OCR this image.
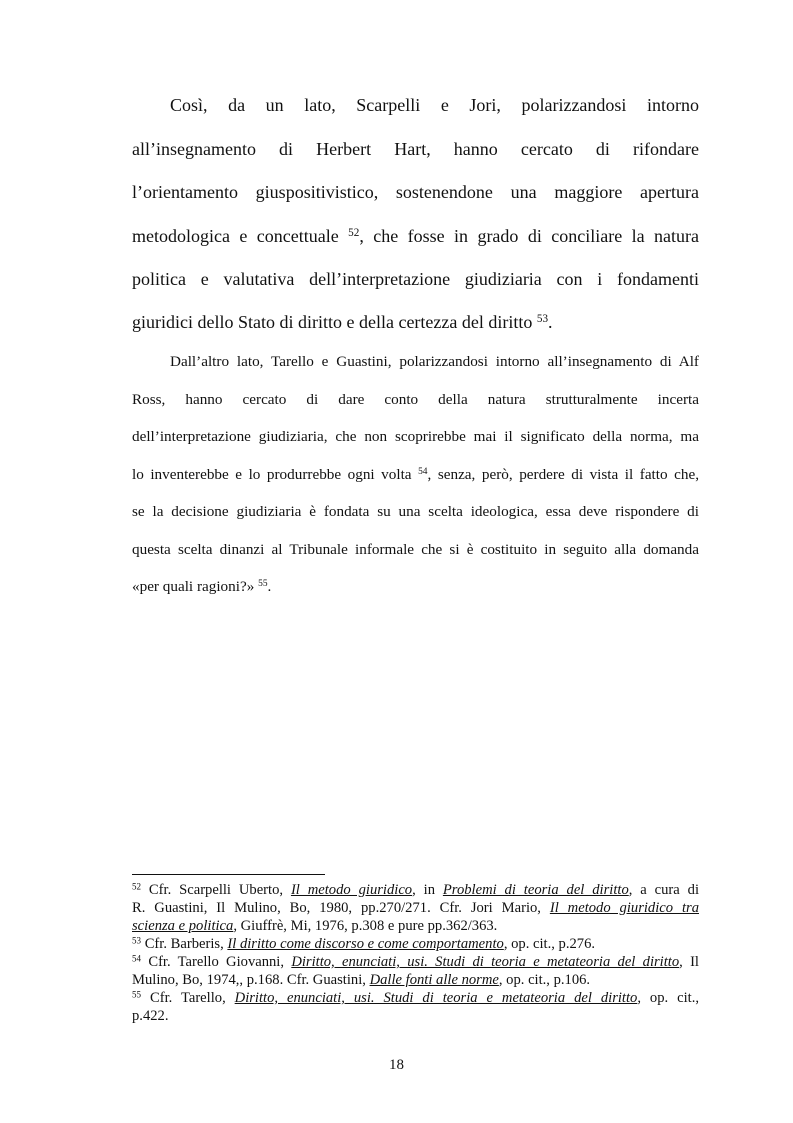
Così, da un lato, Scarpelli e Jori, polarizzandosi intorno
all’insegnamento di Herbert Hart, hanno cercato di rifondare
l’orientamento giuspositivistico, sostenendone una maggiore apertura
metodologica e concettuale $^{52}$, che fosse in grado di conciliare la natura
politica e valutativa dell’interpretazione giudiziaria con i fondamenti
giuridici dello Stato di diritto e della certezza del diritto $^{53}$.
Dall’altro lato, Tarello e Guastini, polarizzandosi intorno all’insegnamento di Alf
Ross, hanno cercato di dare conto della natura strutturalmente incerta
dell’interpretazione giudiziaria, che non scoprirebbe mai il significato della norma, ma
lo inventerebbe e lo produrrebbe ogni volta $^{54}$, senza, però, perdere di vista il fatto che,
se la decisione giudiziaria è fondata su una scelta ideologica, essa deve rispondere di
questa scelta dinanzi al Tribunale informale che si è costituito in seguito alla domanda
«per quali ragioni?» $^{55}$.
$^{52}$ Cfr. Scarpelli Uberto, Il metodo giuridico, in Problemi di teoria del diritto, a cura di
R. Guastini, Il Mulino, Bo, 1980, pp.270/271. Cfr. Jori Mario, Il metodo giuridico tra
scienza e politica, Giuffrè, Mi, 1976, p.308 e pure pp.362/363.
$^{53}$ Cfr. Barberis, Il diritto come discorso e come comportamento, op. cit., p.276.
$^{54}$ Cfr. Tarello Giovanni, Diritto, enunciati, usi. Studi di teoria e metateoria del diritto, Il
Mulino, Bo, 1974,, p.168. Cfr. Guastini, Dalle fonti alle norme, op. cit., p.106.
$^{55}$ Cfr. Tarello, Diritto, enunciati, usi. Studi di teoria e metateoria del diritto, op. cit.,
p.422.
18
